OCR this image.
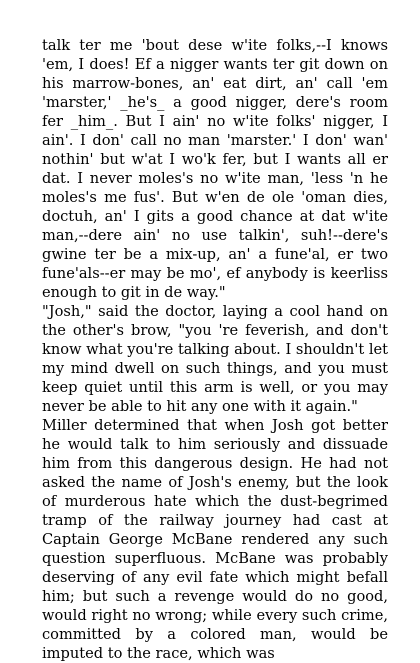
talk ter me 'bout dese w'ite folks,--I knows 'em, I does! Ef a nigger wants ter git down on his marrow-bones, an' eat dirt, an' call 'em 'marster,' _he's_ a good nigger, dere's room fer _him_. But I ain' no w'ite folks' nigger, I ain'. I don' call no man 'marster.' I don' wan' nothin' but w'at I wo'k fer, but I wants all er dat. I never moles's no w'ite man, 'less 'n he moles's me fus'. But w'en de ole 'oman dies, doctuh, an' I gits a good chance at dat w'ite man,--dere ain' no use talkin', suh!--dere's gwine ter be a mix-up, an' a fune'al, er two fune'als--er may be mo', ef anybody is keerliss enough to git in de way."

"Josh," said the doctor, laying a cool hand on the other's brow, "you 're feverish, and don't know what you're talking about. I shouldn't let my mind dwell on such things, and you must keep quiet until this arm is well, or you may never be able to hit any one with it again."

Miller determined that when Josh got better he would talk to him seriously and dissuade him from this dangerous design. He had not asked the name of Josh's enemy, but the look of murderous hate which the dust-begrimed tramp of the railway journey had cast at Captain George McBane rendered any such question superfluous. McBane was probably deserving of any evil fate which might befall him; but such a revenge would do no good, would right no wrong; while every such crime, committed by a colored man, would be imputed to the race, which was
